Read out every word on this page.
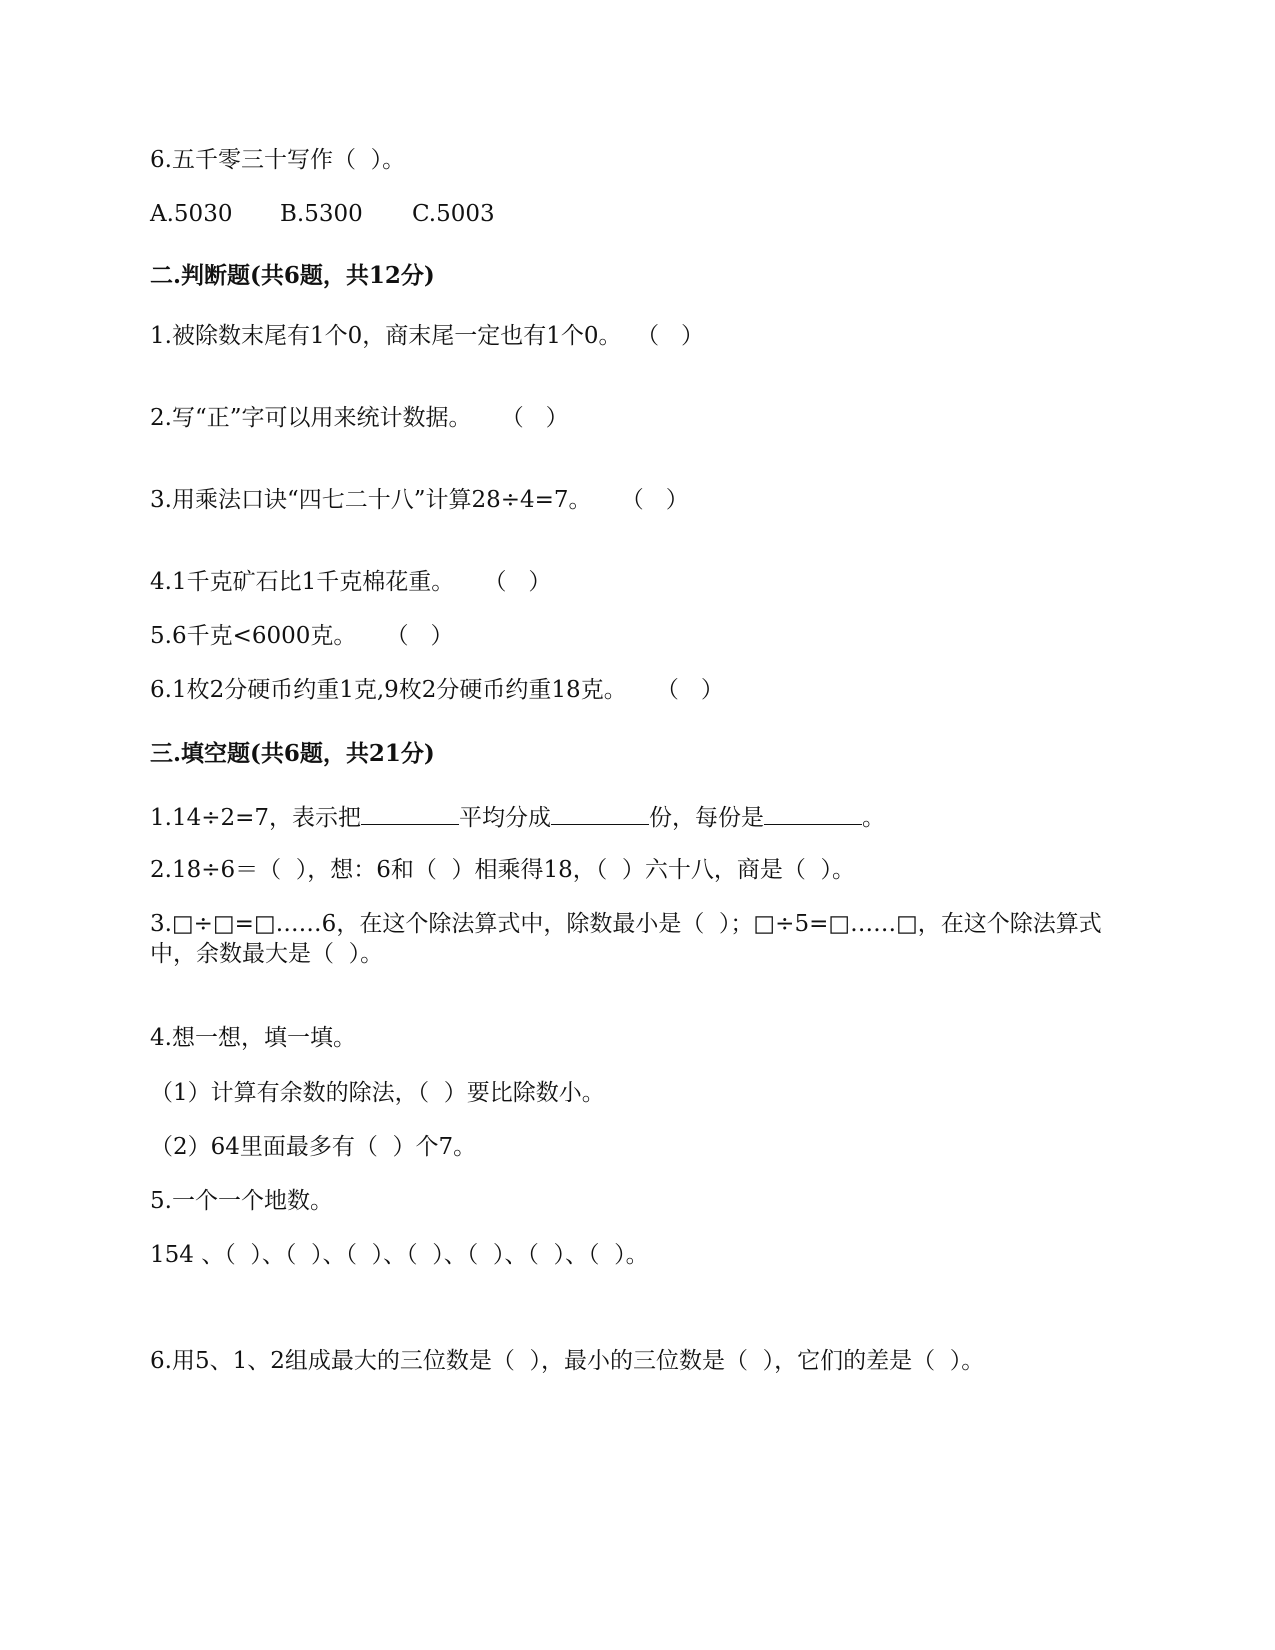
6.五千零三十写作（  ）。
A.5030 B.5300 C.5003
二.判断题(共6题，共12分)
1.被除数末尾有1个0，商末尾一定也有1个0。  （   ）
2.写“正”字可以用来统计数据。    （   ）
3.用乘法口诀“四七二十八”计算28÷4=7。    （   ）
4.1千克矿石比1千克棉花重。    （   ）
5.6千克<6000克。    （   ）
6.1枚2分硬币约重1克,9枚2分硬币约重18克。    （   ）
三.填空题(共6题，共21分)
1.14÷2=7，表示把	平均分成	份，每份是	。
2.18÷6＝（  ），想：6和（  ）相乘得18，（  ）六十八，商是（  ）。
3.□÷□=□……6，在这个除法算式中，除数最小是（  ）；□÷5=□……□，在这个除法算式
中，余数最大是（  ）。
4.想一想，填一填。
（1）计算有余数的除法，（  ）要比除数小。
（2）64里面最多有（  ）个7。
5.一个一个地数。
154 、（  ）、（  ）、（  ）、（  ）、（  ）、（  ）、（  ）。
6.用5、1、2组成最大的三位数是（  ），最小的三位数是（  ），它们的差是（  ）。
